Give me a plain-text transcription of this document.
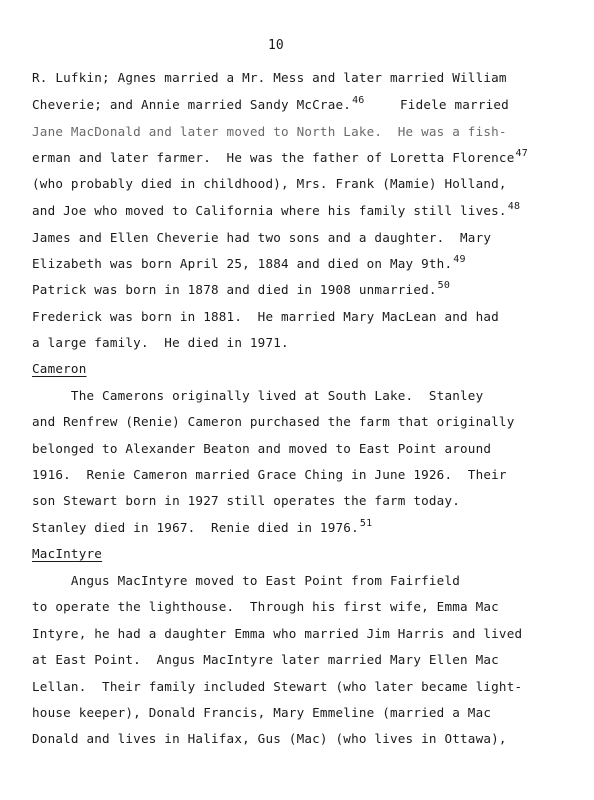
10
R. Lufkin; Agnes married a Mr. Mess and later married William
Cheverie; and Annie married Sandy McCrae.$^{46}$	Fidele married
Jane MacDonald and later moved to North Lake.  He was a fish-
erman and later farmer.  He was the father of Loretta Florence$^{47}$
(who probably died in childhood), Mrs. Frank (Mamie) Holland,
and Joe who moved to California where his family still lives.$^{48}$
James and Ellen Cheverie had two sons and a daughter.  Mary
Elizabeth was born April 25, 1884 and died on May 9th.$^{49}$
Patrick was born in 1878 and died in 1908 unmarried.$^{50}$
Frederick was born in 1881.  He married Mary MacLean and had
a large family.  He died in 1971.
Cameron
The Camerons originally lived at South Lake.  Stanley
and Renfrew (Renie) Cameron purchased the farm that originally
belonged to Alexander Beaton and moved to East Point around
1916.  Renie Cameron married Grace Ching in June 1926.  Their
son Stewart born in 1927 still operates the farm today.
Stanley died in 1967.  Renie died in 1976.51
MacIntyre
Angus MacIntyre moved to East Point from Fairfield
to operate the lighthouse.  Through his first wife, Emma Mac
Intyre, he had a daughter Emma who married Jim Harris and lived
at East Point.  Angus MacIntyre later married Mary Ellen Mac
Lellan.  Their family included Stewart (who later became light-
house keeper), Donald Francis, Mary Emmeline (married a Mac
Donald and lives in Halifax, Gus (Mac) (who lives in Ottawa),
